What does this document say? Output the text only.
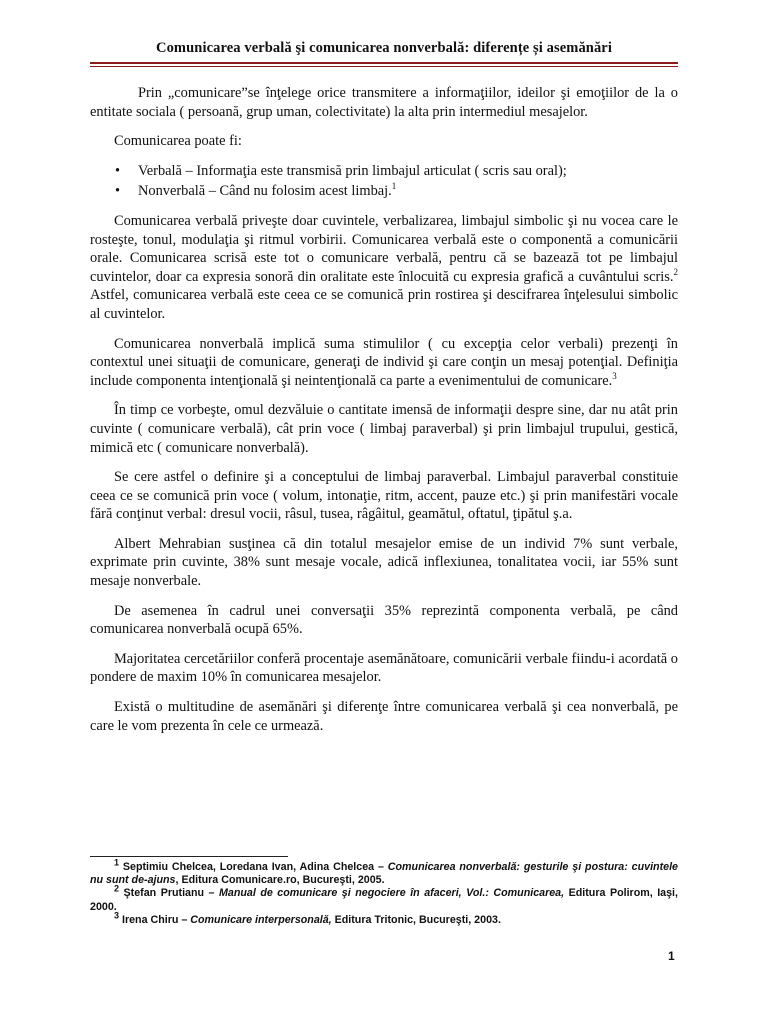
Comunicarea verbală şi comunicarea nonverbală: diferențe și asemănări

Prin „comunicare”se înţelege orice transmitere a informaţiilor, ideilor şi emoţiilor de la o entitate sociala ( persoană, grup uman, colectivitate) la alta prin intermediul mesajelor.

Comunicarea poate fi:

• Verbală – Informaţia este transmisă prin limbajul articulat ( scris sau oral);
• Nonverbală – Când nu folosim acest limbaj.$^1$

Comunicarea verbală priveşte doar cuvintele, verbalizarea, limbajul simbolic şi nu vocea care le rosteşte, tonul, modulaţia şi ritmul vorbirii. Comunicarea verbală este o componentă a comunicării orale. Comunicarea scrisă este tot o comunicare verbală, pentru că se bazează tot pe limbajul cuvintelor, doar ca expresia sonoră din oralitate este înlocuită cu expresia grafică a cuvântului scris.$^2$ Astfel, comunicarea verbală este ceea ce se comunică prin rostirea şi descifrarea înţelesului simbolic al cuvintelor.

Comunicarea nonverbală implică suma stimulilor ( cu excepţia celor verbali) prezenţi în contextul unei situaţii de comunicare, generaţi de individ şi care conţin un mesaj potenţial. Definiţia include componenta intenţională şi neintenţională ca parte a evenimentului de comunicare.$^3$

În timp ce vorbeşte, omul dezvăluie o cantitate imensă de informaţii despre sine, dar nu atât prin cuvinte ( comunicare verbală), cât prin voce ( limbaj paraverbal) şi prin limbajul trupului, gestică, mimică etc ( comunicare nonverbală).

Se cere astfel o definire şi a conceptului de limbaj paraverbal. Limbajul paraverbal constituie ceea ce se comunică prin voce ( volum, intonaţie, ritm, accent, pauze etc.) şi prin manifestări vocale fără conţinut verbal: dresul vocii, râsul, tusea, râgâitul, geamătul, oftatul, ţipătul ş.a.

Albert Mehrabian susţinea că din totalul mesajelor emise de un individ 7% sunt verbale, exprimate prin cuvinte, 38% sunt mesaje vocale, adică inflexiunea, tonalitatea vocii, iar 55% sunt mesaje nonverbale.

De asemenea în cadrul unei conversaţii 35% reprezintă componenta verbală, pe când comunicarea nonverbală ocupă 65%.

Majoritatea cercetăriilor conferă procentaje asemănătoare, comunicării verbale fiindu-i acordată o pondere de maxim 10% în comunicarea mesajelor.

Există o multitudine de asemănări şi diferenţe între comunicarea verbală şi cea nonverbală, pe care le vom prezenta în cele ce urmează.

$^1$ Septimiu Chelcea, Loredana Ivan, Adina Chelcea – Comunicarea nonverbală: gesturile şi postura: cuvintele nu sunt de-ajuns, Editura Comunicare.ro, Bucureşti, 2005.

$^2$ Ştefan Prutianu – Manual de comunicare şi negociere în afaceri, Vol.: Comunicarea, Editura Polirom, Iaşi, 2000.

$^3$ Irena Chiru – Comunicare interpersonală, Editura Tritonic, Bucureşti, 2003.

1
